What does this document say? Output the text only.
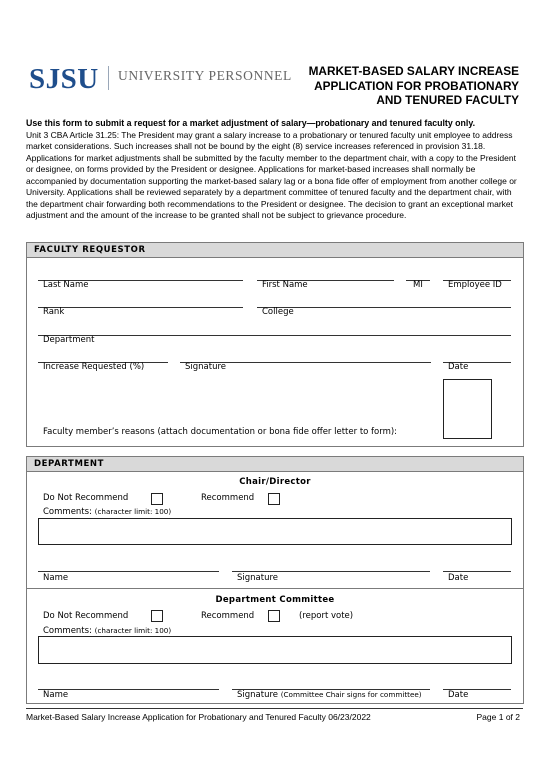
SJSU UNIVERSITY PERSONNEL MARKET-BASED SALARY INCREASE
APPLICATION FOR PROBATIONARY
AND TENURED FACULTY
Use this form to submit a request for a market adjustment of salary—probationary and tenured faculty only.
Unit 3 CBA Article 31.25: The President may grant a salary increase to a probationary or tenured faculty unit employee to address market considerations. Such increases shall not be bound by the eight (8) service increases referenced in provision 31.18. Applications for market adjustments shall be submitted by the faculty member to the department chair, with a copy to the President or designee, on forms provided by the President or designee. Applications for market-based increases shall normally be accompanied by documentation supporting the market-based salary lag or a bona fide offer of employment from another college or University. Applications shall be reviewed separately by a department committee of tenured faculty and the department chair, with the department chair forwarding both recommendations to the President or designee. The decision to grant an exceptional market adjustment and the amount of the increase to be granted shall not be subject to grievance procedure.
FACULTY REQUESTOR
Last Name	First Name	MI	Employee ID
Rank	College
Department
Increase Requested (%)	Signature	Date
Faculty member’s reasons (attach documentation or bona fide offer letter to form):
DEPARTMENT
Chair/Director
Do Not Recommend	Recommend
Comments: (character limit: 100)
Name	Signature	Date
Department Committee
Do Not Recommend	Recommend	(report vote)
Comments: (character limit: 100)
Name	Signature (Committee Chair signs for committee)	Date
Market-Based Salary Increase Application for Probationary and Tenured Faculty 06/23/2022	Page 1 of 2
